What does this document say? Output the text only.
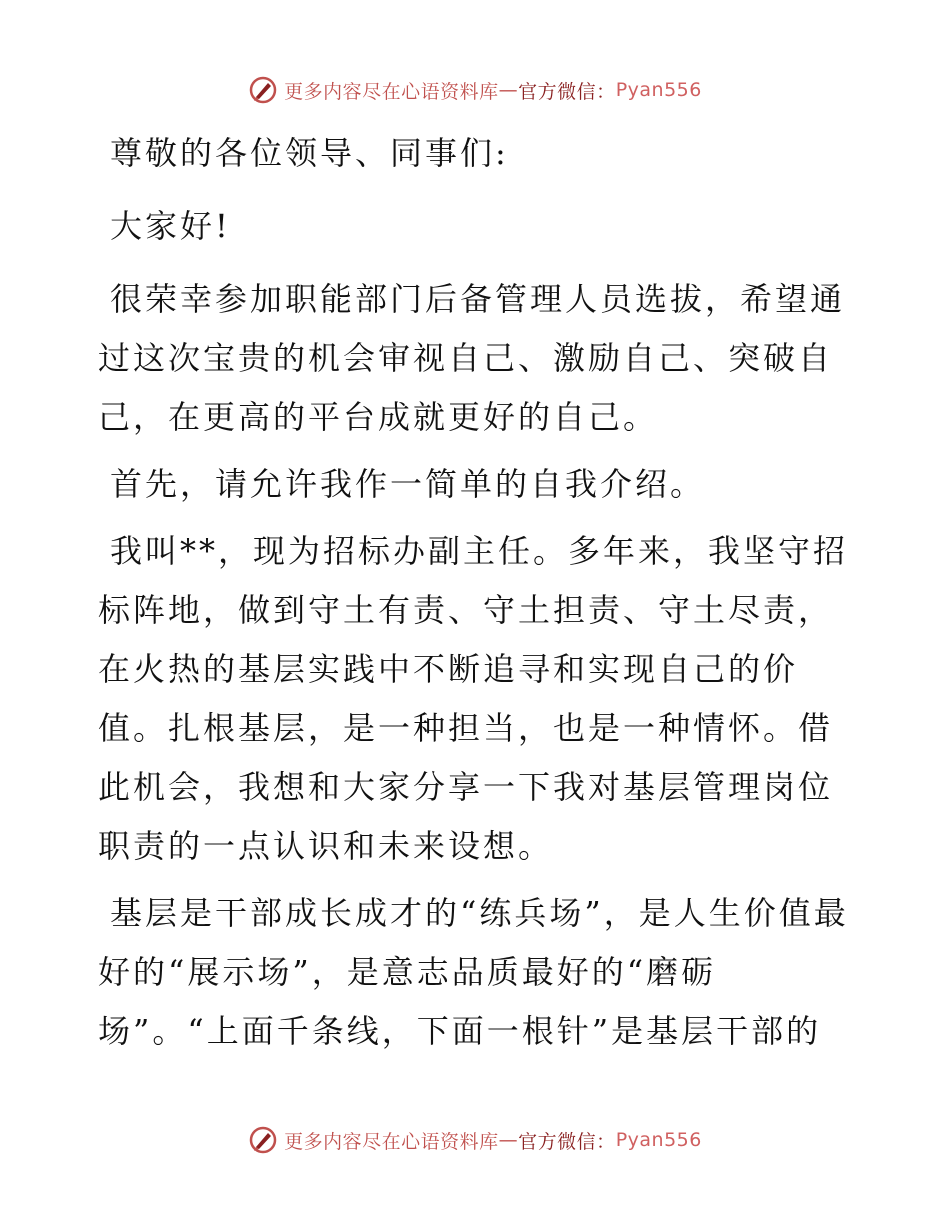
更多内容尽在心语资料库 — 官方微信： Pyan556

尊敬的各位领导、同事们:

大家好!

很荣幸参加职能部门后备管理人员选拔，希望通过这次宝贵的机会审视自己、激励自己、突破自己，在更高的平台成就更好的自己。

首先，请允许我作一简单的自我介绍。

我叫**，现为招标办副主任。多年来，我坚守招标阵地，做到守土有责、守土担责、守土尽责，在火热的基层实践中不断追寻和实现自己的价值。扎根基层，是一种担当，也是一种情怀。借此机会，我想和大家分享一下我对基层管理岗位职责的一点认识和未来设想。

基层是干部成长成才的“练兵场”，是人生价值最好的“展示场”，是意志品质最好的“磨砺场”。“上面千条线，下面一根针”是基层干部的

更多内容尽在心语资料库 — 官方微信： Pyan556
